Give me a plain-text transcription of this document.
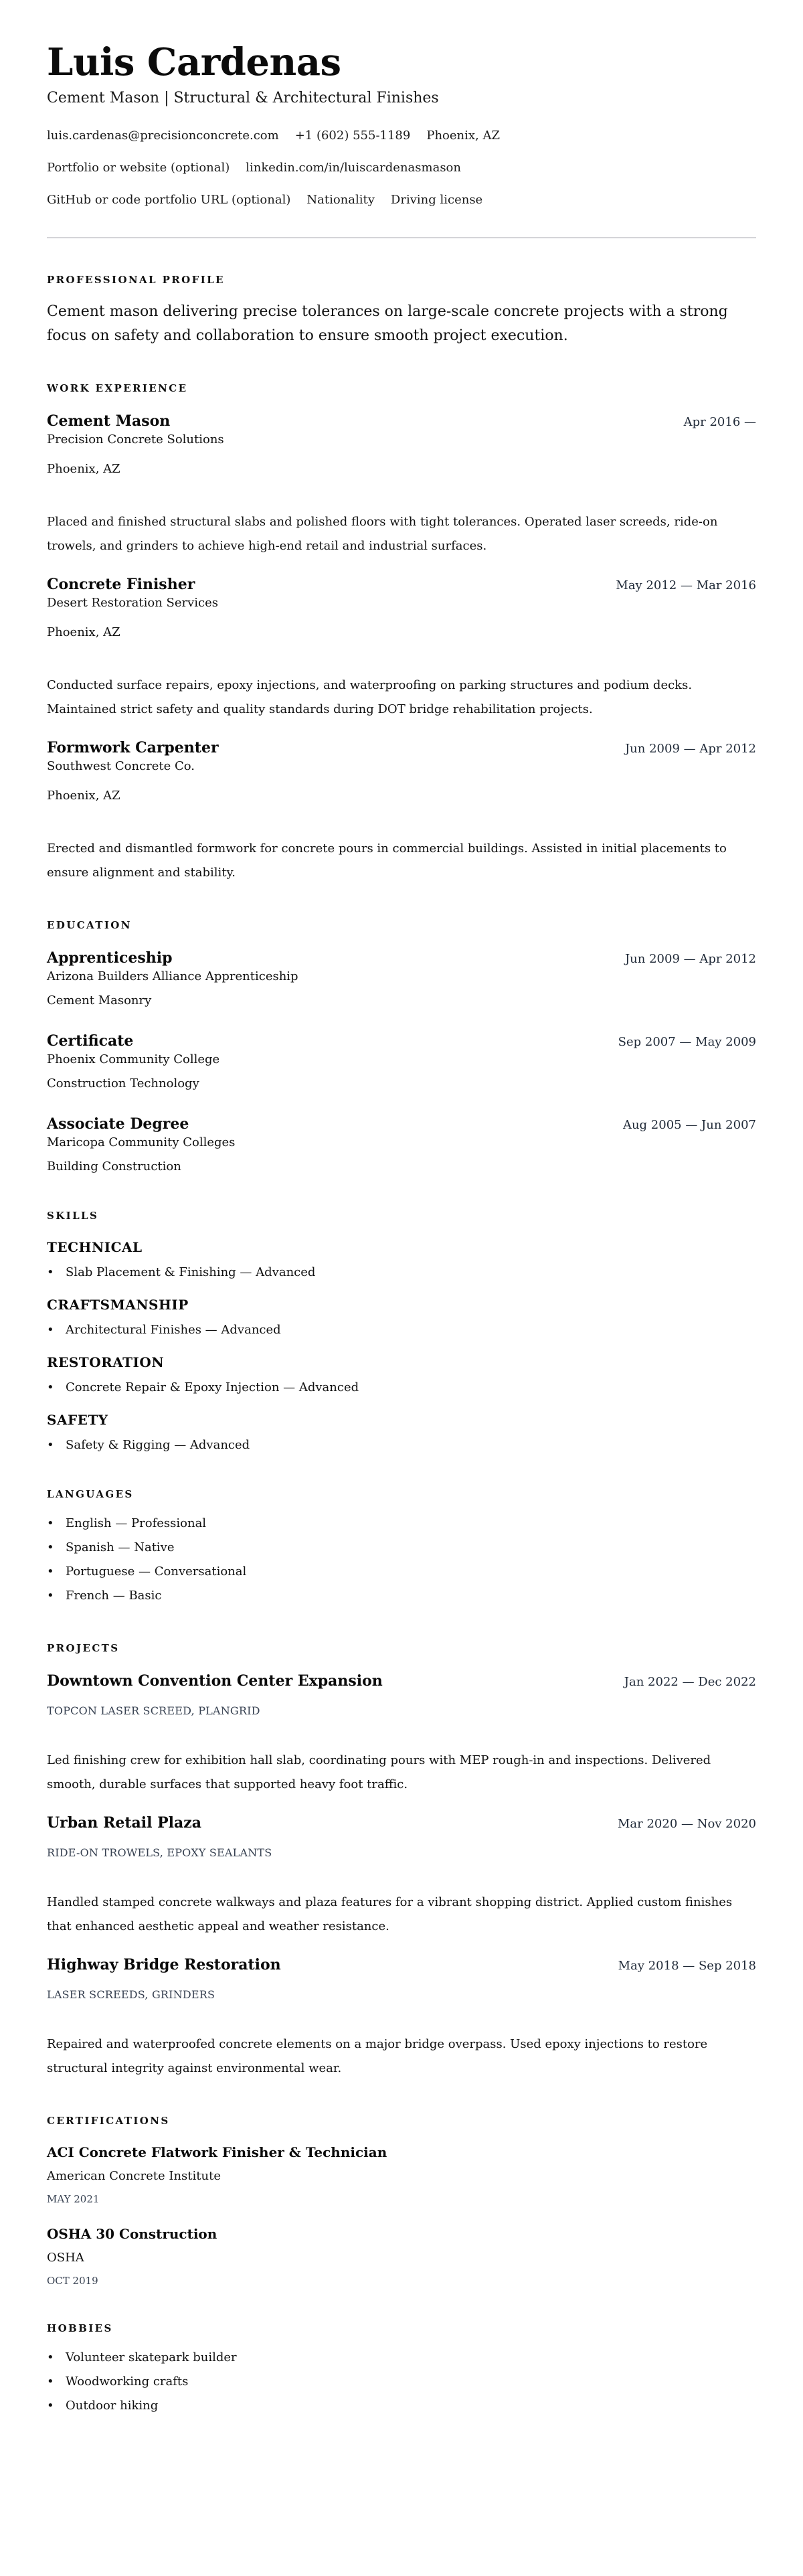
Luis Cardenas
Cement Mason | Structural & Architectural Finishes
luis.cardenas@precisionconcrete.com +1 (602) 555-1189 Phoenix, AZ
Portfolio or website (optional) linkedin.com/in/luiscardenasmason
GitHub or code portfolio URL (optional) Nationality Driving license
PROFESSIONAL PROFILE

Cement mason delivering precise tolerances on large-scale concrete projects with a strong focus on safety and collaboration to ensure smooth project execution.

WORK EXPERIENCE
Cement Mason	Apr 2016 —
Precision Concrete Solutions
Phoenix, AZ

Placed and finished structural slabs and polished floors with tight tolerances. Operated laser screeds, ride-on trowels, and grinders to achieve high-end retail and industrial surfaces.

Concrete Finisher	May 2012 — Mar 2016
Desert Restoration Services
Phoenix, AZ

Conducted surface repairs, epoxy injections, and waterproofing on parking structures and podium decks. Maintained strict safety and quality standards during DOT bridge rehabilitation projects.

Formwork Carpenter	Jun 2009 — Apr 2012
Southwest Concrete Co.
Phoenix, AZ

Erected and dismantled formwork for concrete pours in commercial buildings. Assisted in initial placements to ensure alignment and stability.

EDUCATION
Apprenticeship	Jun 2009 — Apr 2012
Arizona Builders Alliance Apprenticeship
Cement Masonry
Certificate	Sep 2007 — May 2009
Phoenix Community College
Construction Technology
Associate Degree	Aug 2005 — Jun 2007
Maricopa Community Colleges
Building Construction
SKILLS
TECHNICAL
• Slab Placement & Finishing — Advanced
CRAFTSMANSHIP
• Architectural Finishes — Advanced
RESTORATION
• Concrete Repair & Epoxy Injection — Advanced
SAFETY
• Safety & Rigging — Advanced
LANGUAGES
• English — Professional
• Spanish — Native
• Portuguese — Conversational
• French — Basic
PROJECTS
Downtown Convention Center Expansion	Jan 2022 — Dec 2022
TOPCON LASER SCREED, PLANGRID

Led finishing crew for exhibition hall slab, coordinating pours with MEP rough-in and inspections. Delivered smooth, durable surfaces that supported heavy foot traffic.

Urban Retail Plaza	Mar 2020 — Nov 2020
RIDE-ON TROWELS, EPOXY SEALANTS

Handled stamped concrete walkways and plaza features for a vibrant shopping district. Applied custom finishes that enhanced aesthetic appeal and weather resistance.

Highway Bridge Restoration	May 2018 — Sep 2018
LASER SCREEDS, GRINDERS

Repaired and waterproofed concrete elements on a major bridge overpass. Used epoxy injections to restore structural integrity against environmental wear.

CERTIFICATIONS
ACI Concrete Flatwork Finisher & Technician
American Concrete Institute
MAY 2021
OSHA 30 Construction
OSHA
OCT 2019
HOBBIES
• Volunteer skatepark builder
• Woodworking crafts
• Outdoor hiking
